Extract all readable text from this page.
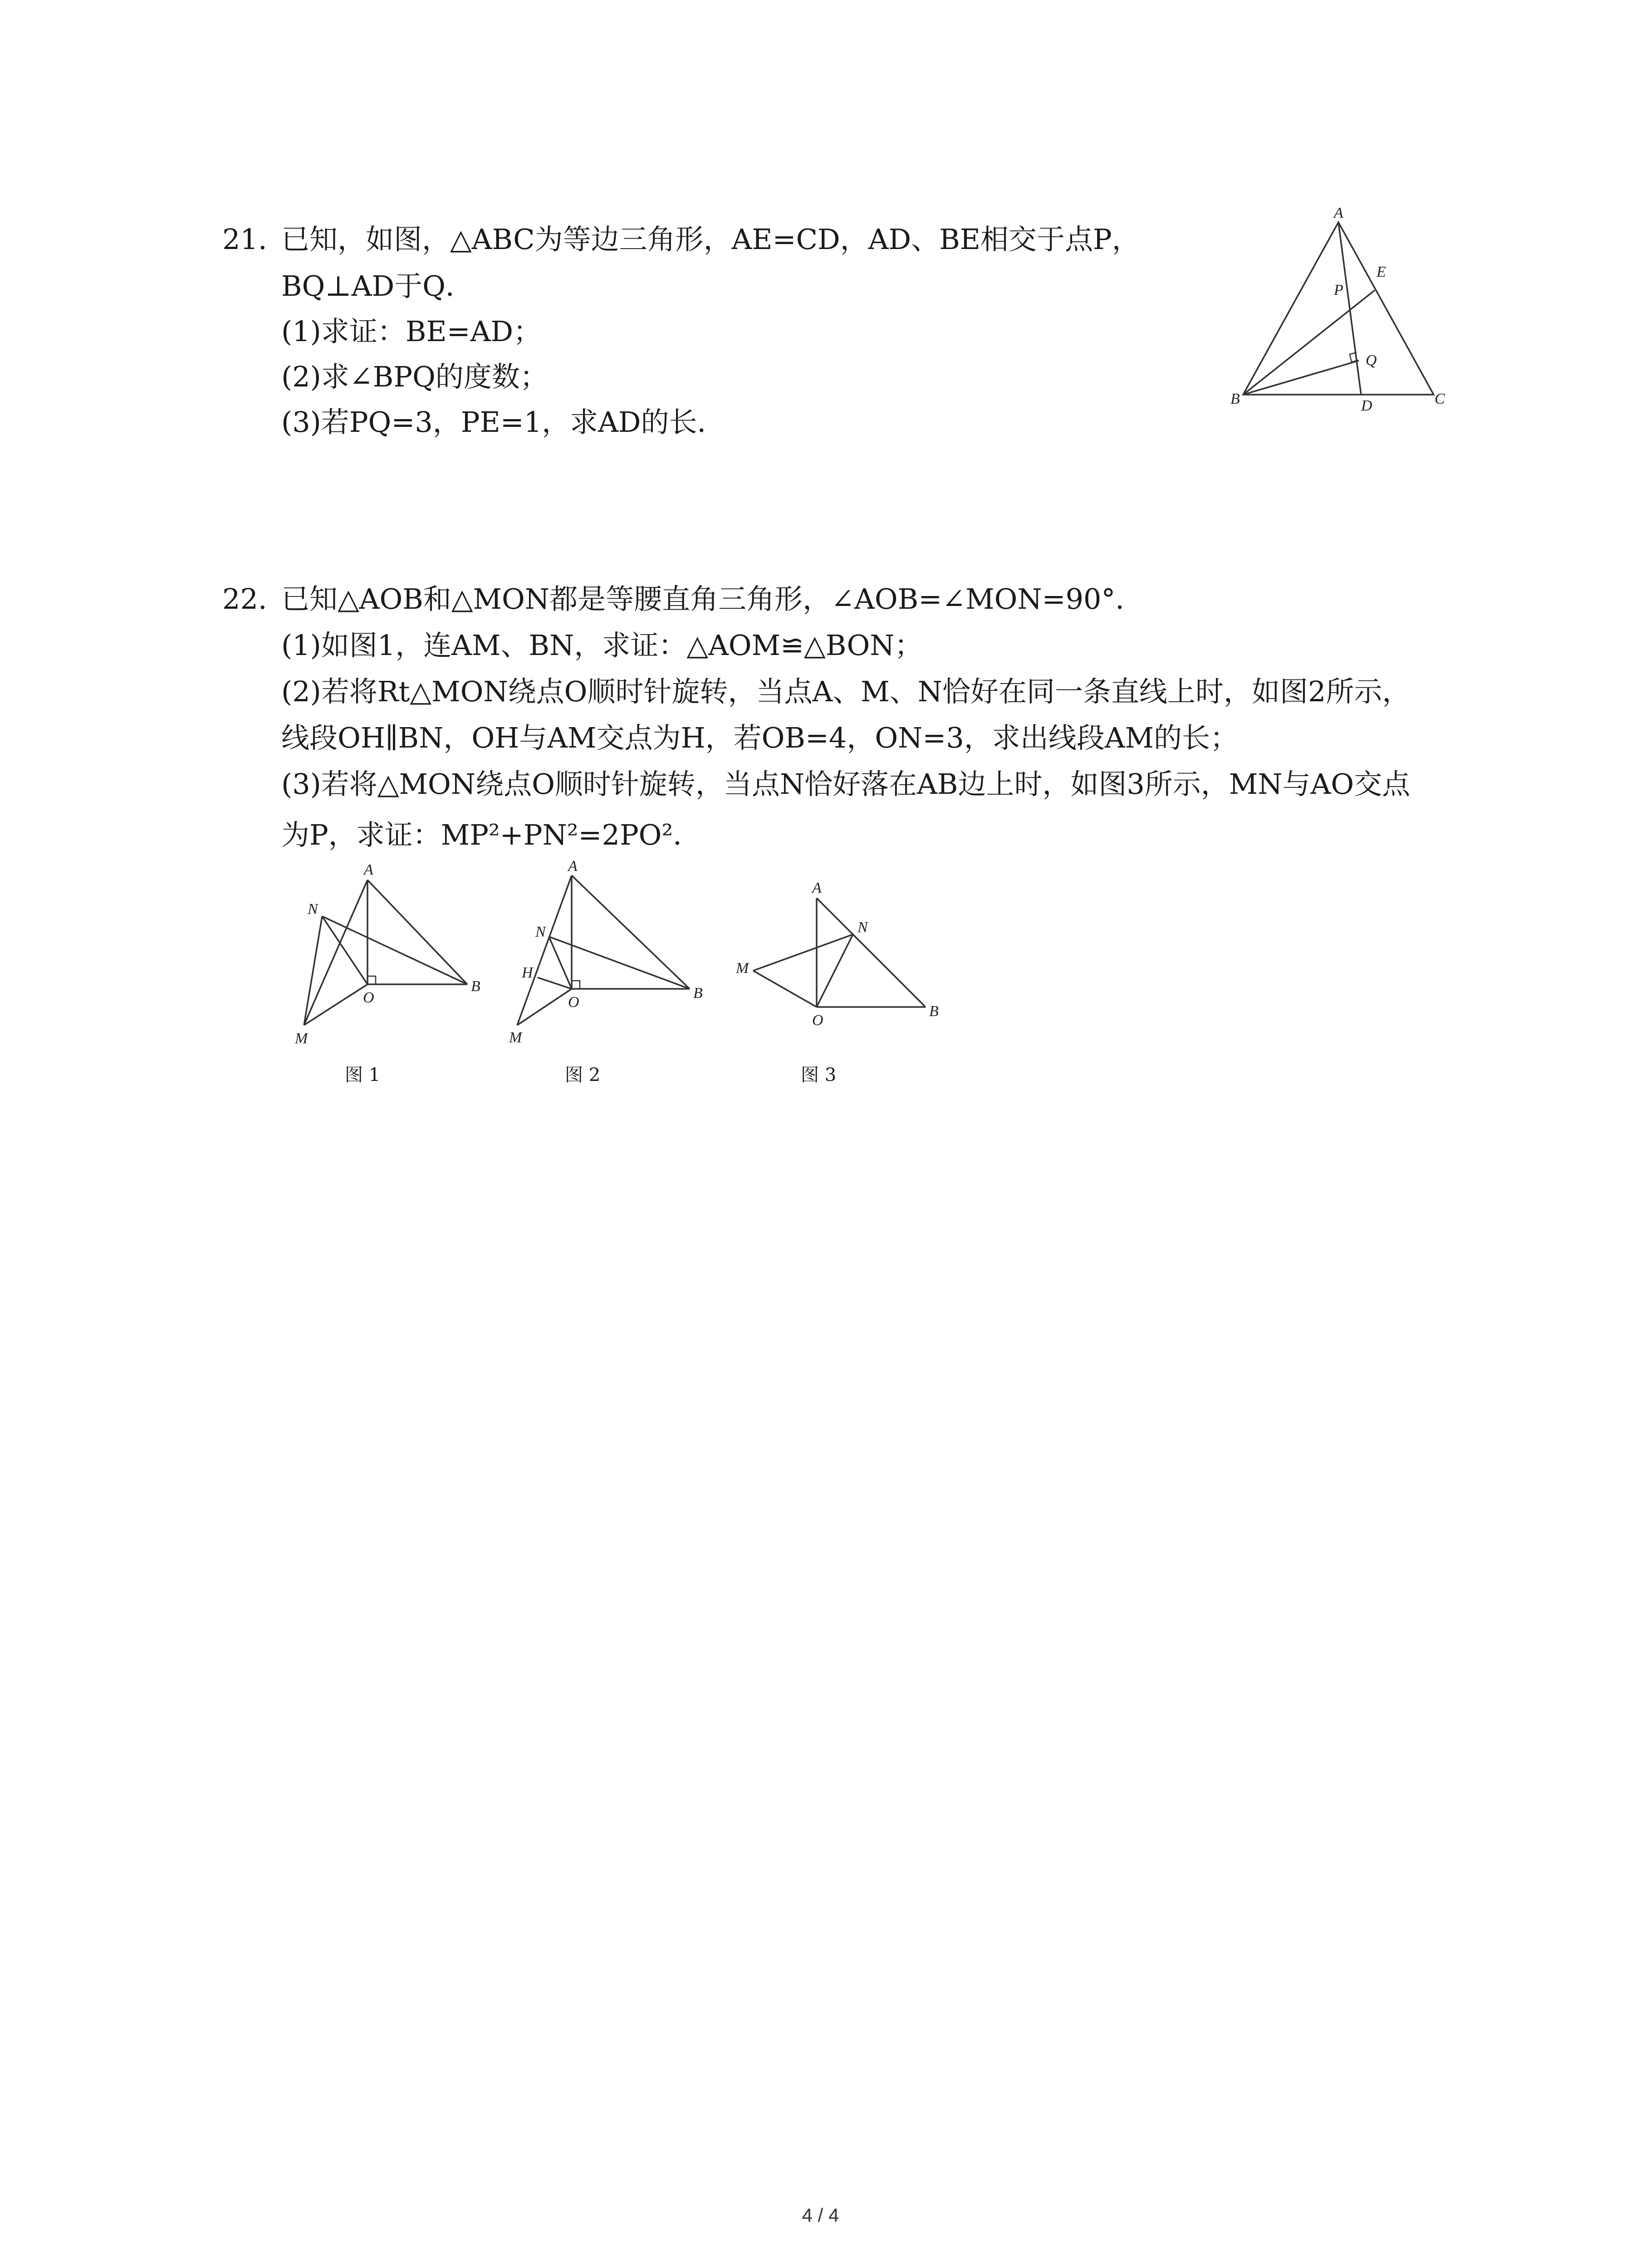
21. 已知，如图，△ABC为等边三角形，AE=CD，AD、BE相交于点P，
BQ⊥AD于Q．
(1)求证：BE=AD；
(2)求∠BPQ的度数；
(3)若PQ=3，PE=1，求AD的长．
A
B	C
D
E
P
Q
22. 已知△AOB和△MON都是等腰直角三角形，∠AOB=∠MON=90°．
(1)如图1，连AM、BN，求证：△AOM≌△BON；
(2)若将Rt△MON绕点O顺时针旋转，当点A、M、N恰好在同一条直线上时，如图2所示，
线段OH∥BN，OH与AM交点为H，若OB=4，ON=3，求出线段AM的长；
(3)若将△MON绕点O顺时针旋转，当点N恰好落在AB边上时，如图3所示，MN与AO交点
为P，求证：MP²+PN²=2PO²．
A
N
O
B
M
图 1
A
N
H
O
B
M
图 2
A
N
M
O
B
图 3
4 / 4
